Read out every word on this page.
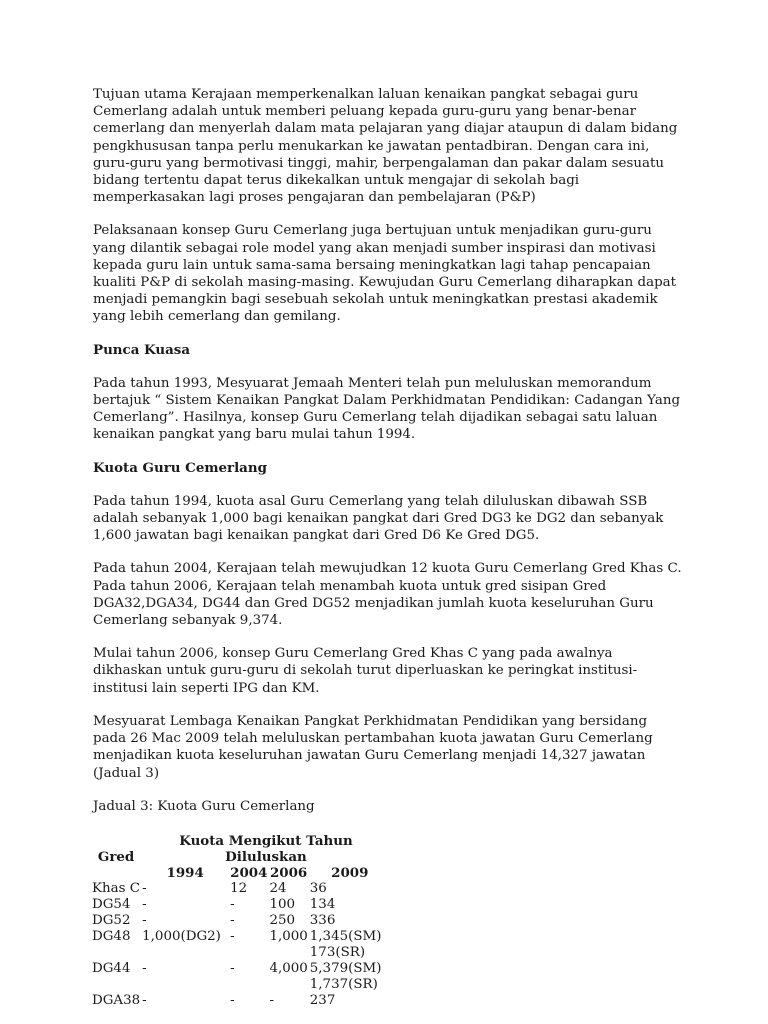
Tujuan utama Kerajaan memperkenalkan laluan kenaikan pangkat sebagai guru Cemerlang adalah untuk memberi peluang kepada guru-guru yang benar-benar cemerlang dan menyerlah dalam mata pelajaran yang diajar ataupun di dalam bidang pengkhususan tanpa perlu menukarkan ke jawatan pentadbiran. Dengan cara ini, guru-guru yang bermotivasi tinggi, mahir, berpengalaman dan pakar dalam sesuatu bidang tertentu dapat terus dikekalkan untuk mengajar di sekolah bagi memperkasakan lagi proses pengajaran dan pembelajaran (P&P)

Pelaksanaan konsep Guru Cemerlang juga bertujuan untuk menjadikan guru-guru yang dilantik sebagai role model yang akan menjadi sumber inspirasi dan motivasi kepada guru lain untuk sama-sama bersaing meningkatkan lagi tahap pencapaian kualiti P&P di sekolah masing-masing. Kewujudan Guru Cemerlang diharapkan dapat menjadi pemangkin bagi sesebuah sekolah untuk meningkatkan prestasi akademik yang lebih cemerlang dan gemilang.

Punca Kuasa

Pada tahun 1993, Mesyuarat Jemaah Menteri telah pun meluluskan memorandum bertajuk “ Sistem Kenaikan Pangkat Dalam Perkhidmatan Pendidikan: Cadangan Yang Cemerlang”. Hasilnya, konsep Guru Cemerlang telah dijadikan sebagai satu laluan kenaikan pangkat yang baru mulai tahun 1994.

Kuota Guru Cemerlang

Pada tahun 1994, kuota asal Guru Cemerlang yang telah diluluskan dibawah SSB adalah sebanyak 1,000 bagi kenaikan pangkat dari Gred DG3 ke DG2 dan sebanyak 1,600 jawatan bagi kenaikan pangkat dari Gred D6 Ke Gred DG5.

Pada tahun 2004, Kerajaan telah mewujudkan 12 kuota Guru Cemerlang Gred Khas C. Pada tahun 2006, Kerajaan telah menambah kuota untuk gred sisipan Gred DGA32,DGA34, DG44 dan Gred DG52 menjadikan jumlah kuota keseluruhan Guru Cemerlang sebanyak 9,374.

Mulai tahun 2006, konsep Guru Cemerlang Gred Khas C yang pada awalnya dikhaskan untuk guru-guru di sekolah turut diperluaskan ke peringkat institusi-institusi lain seperti IPG dan KM.

Mesyuarat Lembaga Kenaikan Pangkat Perkhidmatan Pendidikan yang bersidang pada 26 Mac 2009 telah meluluskan pertambahan kuota jawatan Guru Cemerlang menjadikan kuota keseluruhan jawatan Guru Cemerlang menjadi 14,327 jawatan (Jadual 3)

Jadual 3: Kuota Guru Cemerlang

Gred	Kuota Mengikut Tahun Diluluskan			
	1994	2004	2006	2009
Khas C	-	12	24	36

DG54	-	-	100	134

DG52	-	-	250	336

DG48	1,000(DG2)	-	1,000	1,345(SM)
173(SR)

DG44	-	-	4,000	5,379(SM)
1,737(SR)

DGA38	-	-	-	237
